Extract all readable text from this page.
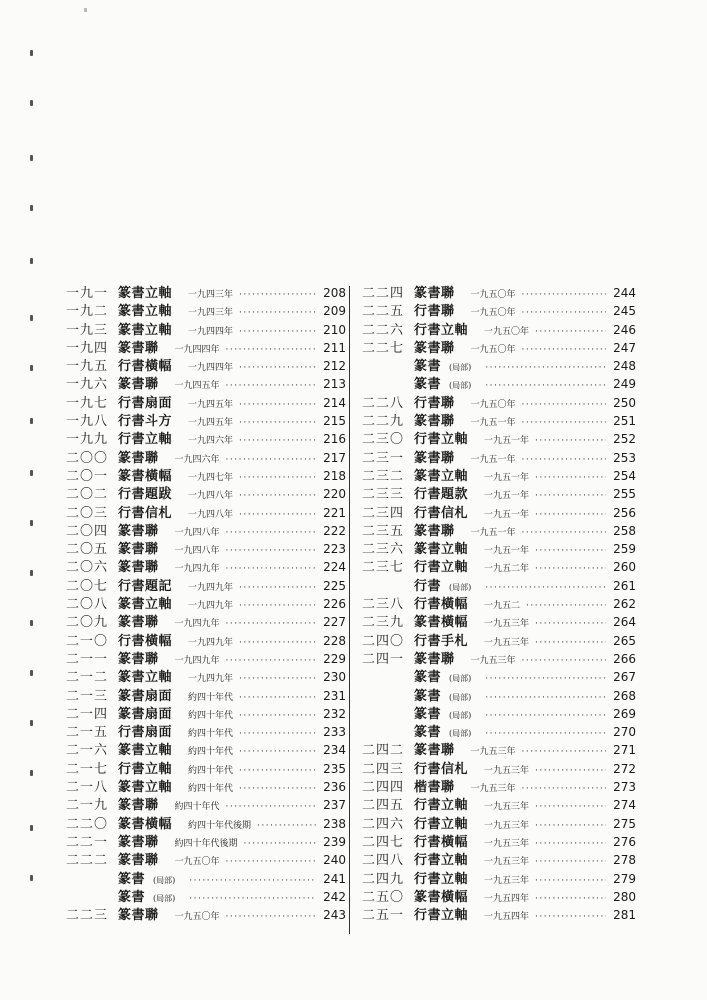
一九一 篆書立軸 一九四三年 ·····	208
一九二 篆書立軸 一九四三年 ·····	209
一九三 篆書立軸 一九四四年 ·····	210
一九四 篆書聯 一九四四年 ·····	211
一九五 行書橫幅 一九四四年 ·····	212
一九六 篆書聯 一九四五年 ·····	213
一九七 行書扇面 一九四五年 ·····	214
一九八 行書斗方 一九四五年 ·····	215
一九九 行書立軸 一九四六年 ·····	216
二〇〇 篆書聯 一九四六年 ·····	217
二〇一 篆書橫幅 一九四七年 ·····	218
二〇二 行書題跋 一九四八年 ·····	220
二〇三 行書信札 一九四八年 ·····	221
二〇四 篆書聯 一九四八年 ·····	222
二〇五 篆書聯 一九四八年 ·····	223
二〇六 篆書聯 一九四九年 ·····	224
二〇七 行書題記 一九四九年 ·····	225
二〇八 篆書立軸 一九四九年 ·····	226
二〇九 篆書聯 一九四九年 ·····	227
二一〇 行書橫幅 一九四九年 ·····	228
二一一 篆書聯 一九四九年 ·····	229
二一二 篆書立軸 一九四九年 ·····	230
二一三 篆書扇面 約四十年代 ·····	231
二一四 篆書扇面 約四十年代 ·····	232
二一五 行書扇面 約四十年代 ·····	233
二一六 篆書立軸 約四十年代 ·····	234
二一七 行書立軸 約四十年代 ·····	235
二一八 篆書立軸 約四十年代 ·····	236
二一九 篆書聯 約四十年代 ·····	237
二二〇 篆書橫幅 約四十年代後期 ·····	238
二二一 篆書聯 約四十年代後期 ·····	239
二二二 篆書聯 一九五〇年 ·····	240
篆書 (局部) ·····	241
篆書 (局部) ·····	242
二二三 篆書聯 一九五〇年 ·····	243
二二四 篆書聯 一九五〇年 ·····	244
二二五 行書聯 一九五〇年 ·····	245
二二六 行書立軸 一九五〇年 ·····	246
二二七 篆書聯 一九五〇年 ·····	247
篆書 (局部) ·····	248
篆書 (局部) ·····	249
二二八 行書聯 一九五〇年 ·····	250
二二九 篆書聯 一九五一年 ·····	251
二三〇 行書立軸 一九五一年 ·····	252
二三一 篆書聯 一九五一年 ·····	253
二三二 篆書立軸 一九五一年 ·····	254
二三三 行書題款 一九五一年 ·····	255
二三四 行書信札 一九五一年 ·····	256
二三五 篆書聯 一九五一年 ·····	258
二三六 篆書立軸 一九五一年 ·····	259
二三七 行書立軸 一九五二年 ·····	260
行書 (局部) ·····	261
二三八 行書橫幅 一九五二 ·····	262
二三九 篆書橫幅 一九五三年 ·····	264
二四〇 行書手札 一九五三年 ·····	265
二四一 篆書聯 一九五三年 ·····	266
篆書 (局部) ·····	267
篆書 (局部) ·····	268
篆書 (局部) ·····	269
篆書 (局部) ·····	270
二四二 篆書聯 一九五三年 ·····	271
二四三 行書信札 一九五三年 ·····	272
二四四 楷書聯 一九五三年 ·····	273
二四五 行書立軸 一九五三年 ·····	274
二四六 行書立軸 一九五三年 ·····	275
二四七 行書橫幅 一九五三年 ·····	276
二四八 行書立軸 一九五三年 ·····	278
二四九 行書立軸 一九五三年 ·····	279
二五〇 篆書橫幅 一九五四年 ·····	280
二五一 行書立軸 一九五四年 ·····	281
